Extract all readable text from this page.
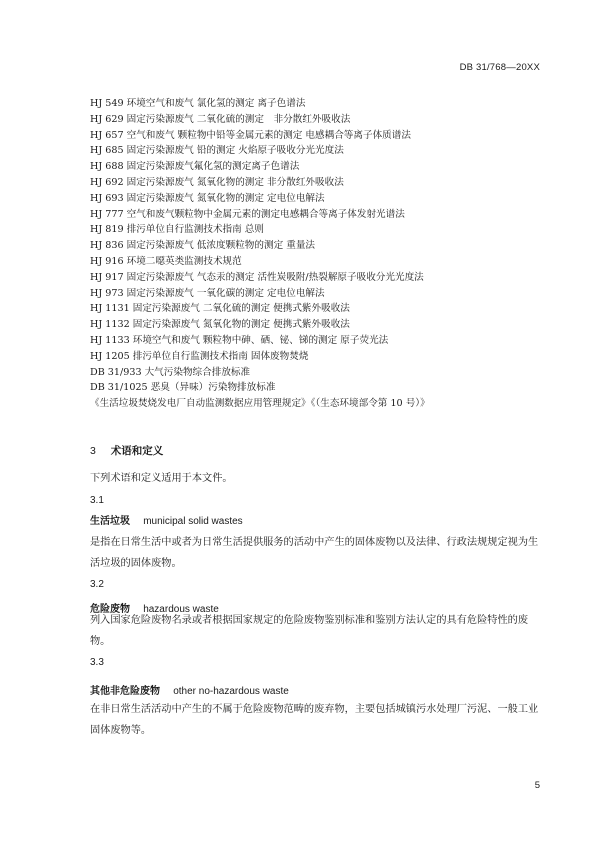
DB 31/768—20XX
HJ 549 环境空气和废气 氯化氢的测定 离子色谱法
HJ 629 固定污染源废气 二氧化硫的测定　非分散红外吸收法
HJ 657 空气和废气 颗粒物中铅等金属元素的测定 电感耦合等离子体质谱法
HJ 685 固定污染源废气 铅的测定 火焰原子吸收分光光度法
HJ 688 固定污染源废气氟化氢的测定离子色谱法
HJ 692 固定污染源废气 氮氧化物的测定 非分散红外吸收法
HJ 693 固定污染源废气 氮氧化物的测定 定电位电解法
HJ 777 空气和废气颗粒物中金属元素的测定电感耦合等离子体发射光谱法
HJ 819 排污单位自行监测技术指南 总则
HJ 836 固定污染源废气 低浓度颗粒物的测定 重量法
HJ 916 环境二噁英类监测技术规范
HJ 917 固定污染源废气 气态汞的测定 活性炭吸附/热裂解原子吸收分光光度法
HJ 973 固定污染源废气 一氧化碳的测定 定电位电解法
HJ 1131 固定污染源废气 二氧化硫的测定 便携式紫外吸收法
HJ 1132 固定污染源废气 氮氧化物的测定 便携式紫外吸收法
HJ 1133 环境空气和废气 颗粒物中砷、硒、铋、锑的测定 原子荧光法
HJ 1205 排污单位自行监测技术指南 固体废物焚烧
DB 31/933 大气污染物综合排放标准
DB 31/1025 恶臭（异味）污染物排放标准
《生活垃圾焚烧发电厂自动监测数据应用管理规定》《（生态环境部令第 10 号）》
3 术语和定义
下列术语和定义适用于本文件。
3.1
生活垃圾 municipal solid wastes
是指在日常生活中或者为日常生活提供服务的活动中产生的固体废物以及法律、行政法规规定视为生活垃圾的固体废物。
3.2
危险废物 hazardous waste
列入国家危险废物名录或者根据国家规定的危险废物鉴别标准和鉴别方法认定的具有危险特性的废物。
3.3
其他非危险废物 other no-hazardous waste
在非日常生活活动中产生的不属于危险废物范畴的废弃物，主要包括城镇污水处理厂污泥、一般工业固体废物等。
5
